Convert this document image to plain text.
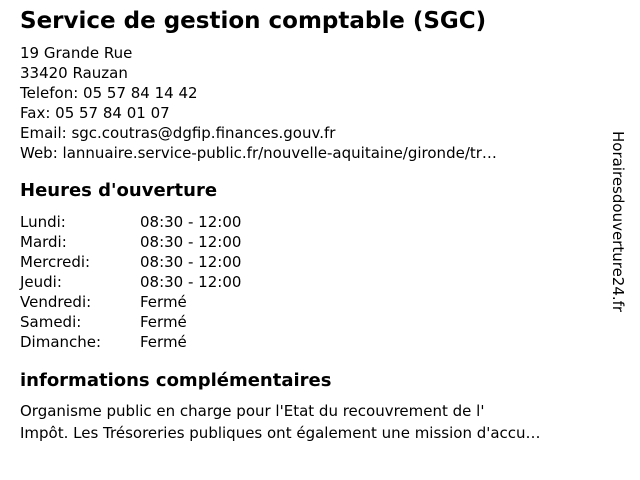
Service de gestion comptable (SGC)
19 Grande Rue
33420 Rauzan
Telefon: 05 57 84 14 42
Fax: 05 57 84 01 07
Email: sgc.coutras@dgfip.finances.gouv.fr
Web: lannuaire.service-public.fr/nouvelle-aquitaine/gironde/tr…
Heures d'ouverture
Lundi:	08:30 - 12:00
Mardi:	08:30 - 12:00
Mercredi:	08:30 - 12:00
Jeudi:	08:30 - 12:00
Vendredi:	Fermé
Samedi:	Fermé
Dimanche:	Fermé
informations complémentaires
Organisme public en charge pour l'Etat du recouvrement de l'
Impôt. Les Trésoreries publiques ont également une mission d'accu…
Horairesdouverture24.fr
